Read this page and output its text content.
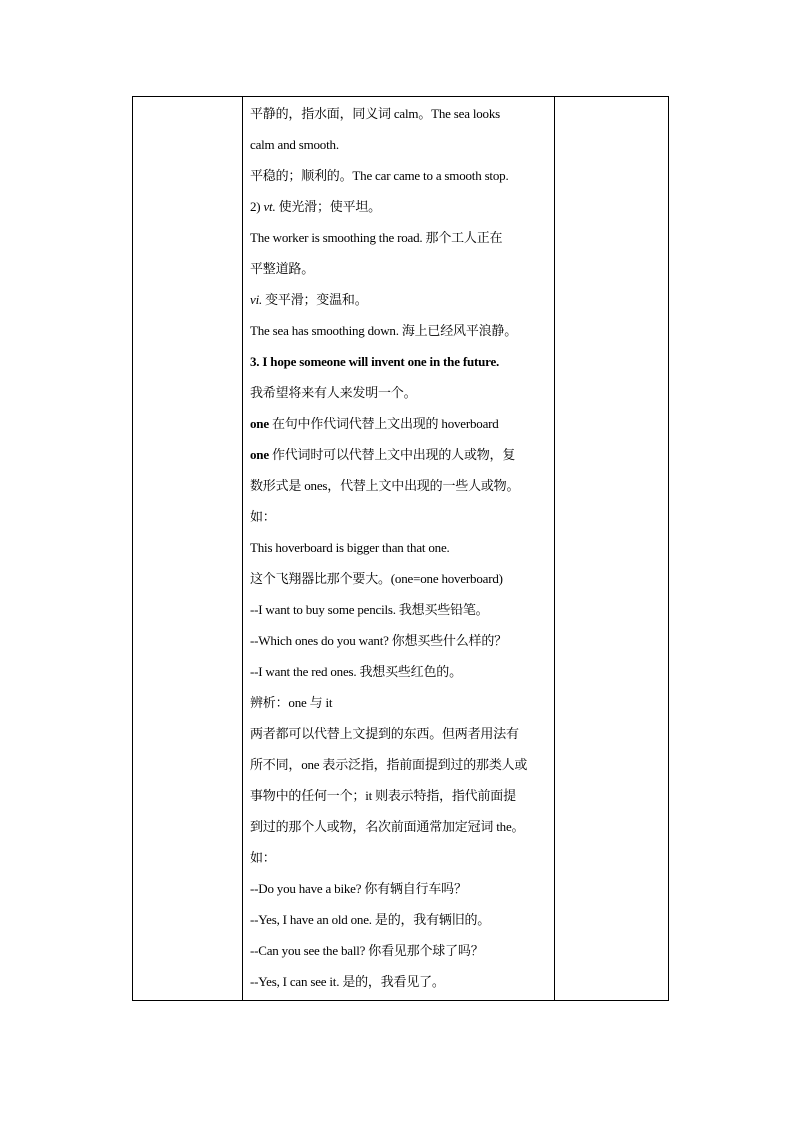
平静的，指水面，同义词 calm。The sea looks
calm and smooth.
平稳的；顺利的。The car came to a smooth stop.
2) vt. 使光滑；使平坦。
The worker is smoothing the road. 那个工人正在
平整道路。
vi. 变平滑；变温和。
The sea has smoothing down. 海上已经风平浪静。
3. I hope someone will invent one in the future.
我希望将来有人来发明一个。
one 在句中作代词代替上文出现的 hoverboard
one 作代词时可以代替上文中出现的人或物，复
数形式是 ones，代替上文中出现的一些人或物。
如：
This hoverboard is bigger than that one.
这个飞翔器比那个要大。(one=one hoverboard)
--I want to buy some pencils. 我想买些铅笔。
--Which ones do you want? 你想买些什么样的？
--I want the red ones. 我想买些红色的。
辨析：one 与 it
两者都可以代替上文提到的东西。但两者用法有
所不同，one 表示泛指，指前面提到过的那类人或
事物中的任何一个；it 则表示特指，指代前面提
到过的那个人或物，名次前面通常加定冠词 the。
如：
--Do you have a bike? 你有辆自行车吗？
--Yes, I have an old one. 是的，我有辆旧的。
--Can you see the ball? 你看见那个球了吗？
--Yes, I can see it. 是的，我看见了。
